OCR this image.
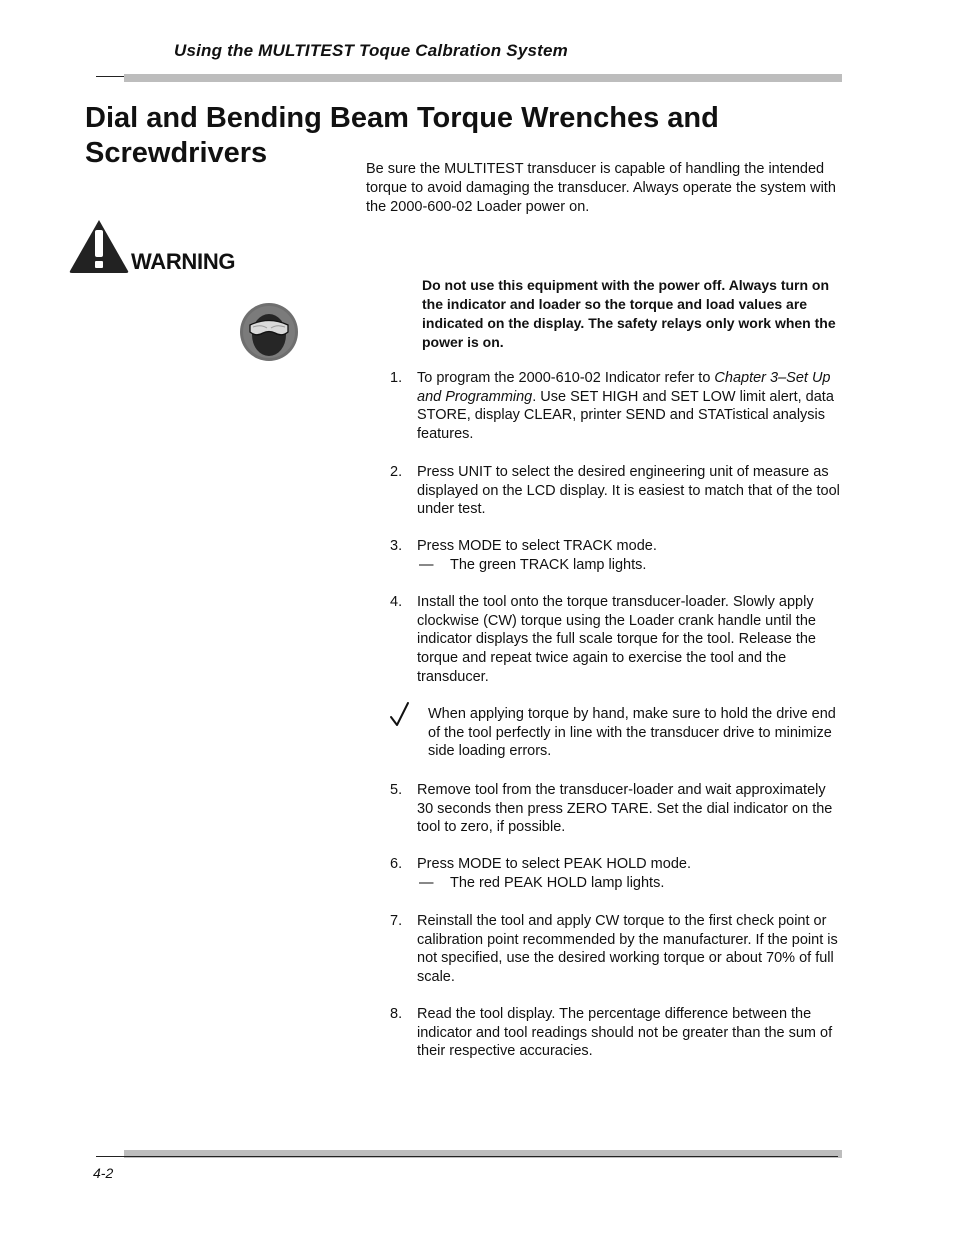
Using the MULTITEST Toque Calbration System
Dial and Bending Beam Torque Wrenches and
Screwdrivers	Be sure the MULTITEST transducer is capable of handling the intended torque to avoid damaging the transducer. Always operate the system with the 2000-600-02 Loader power on.
WARNING
Do not use this equipment with the power off. Always turn on the indicator and loader so the torque and load values are indicated on the display. The safety relays only work when the power is on.
1. To program the 2000-610-02 Indicator refer to Chapter 3–Set Up and Programming. Use SET HIGH and SET LOW limit alert, data STORE, display CLEAR, printer SEND and STATistical analysis features.
2. Press UNIT to select the desired engineering unit of measure as displayed on the LCD display. It is easiest to match that of the tool under test.
3. Press MODE to select TRACK mode.
— The green TRACK lamp lights.
4. Install the tool onto the torque transducer-loader. Slowly apply clockwise (CW) torque using the Loader crank handle until the indicator displays the full scale torque for the tool. Release the torque and repeat twice again to exercise the tool and the transducer.
When applying torque by hand, make sure to hold the drive end of the tool perfectly in line with the transducer drive to minimize side loading errors.
5. Remove tool from the transducer-loader and wait approximately 30 seconds then press ZERO TARE. Set the dial indicator on the tool to zero, if possible.
6. Press MODE to select PEAK HOLD mode.
— The red PEAK HOLD lamp lights.
7. Reinstall the tool and apply CW torque to the first check point or calibration point recommended by the manufacturer. If the point is not specified, use the desired working torque or about 70% of full scale.
8. Read the tool display. The percentage difference between the indicator and tool readings should not be greater than the sum of their respective accuracies.
4-2
